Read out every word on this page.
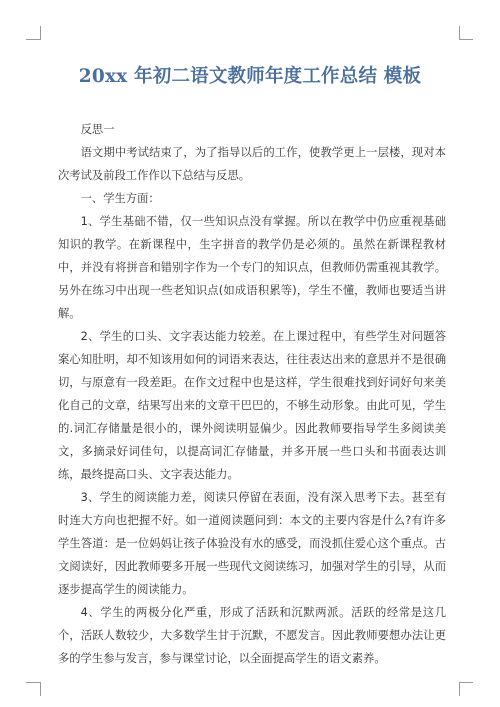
20xx 年初二语文教师年度工作总结 模板

反思一

语文期中考试结束了，为了指导以后的工作，使教学更上一层楼，现对本次考试及前段工作作以下总结与反思。

一、学生方面：

1、学生基础不错，仅一些知识点没有掌握。所以在教学中仍应重视基础知识的教学。在新课程中，生字拼音的教学仍是必须的。虽然在新课程教材中，并没有将拼音和错别字作为一个专门的知识点，但教师仍需重视其教学。另外在练习中出现一些老知识点(如成语积累等)，学生不懂，教师也要适当讲解。

2、学生的口头、文字表达能力较差。在上课过程中，有些学生对问题答案心知肚明，却不知该用如何的词语来表达，往往表达出来的意思并不是很确切，与原意有一段差距。在作文过程中也是这样，学生很难找到好词好句来美化自己的文章，结果写出来的文章干巴巴的，不够生动形象。由此可见，学生的.词汇存储量是很小的，课外阅读明显偏少。因此教师要指导学生多阅读美文，多摘录好词佳句，以提高词汇存储量，并多开展一些口头和书面表达训练，最终提高口头、文字表达能力。

3、学生的阅读能力差，阅读只停留在表面，没有深入思考下去。甚至有时连大方向也把握不好。如一道阅读题问到：本文的主要内容是什么?有许多学生答道：是一位妈妈让孩子体验没有水的感受，而没抓住爱心这个重点。古文阅读好，因此教师要多开展一些现代文阅读练习，加强对学生的引导，从而逐步提高学生的阅读能力。

4、学生的两极分化严重，形成了活跃和沉默两派。活跃的经常是这几个，活跃人数较少，大多数学生甘于沉默，不愿发言。因此教师要想办法让更多的学生参与发言，参与课堂讨论，以全面提高学生的语文素养。
